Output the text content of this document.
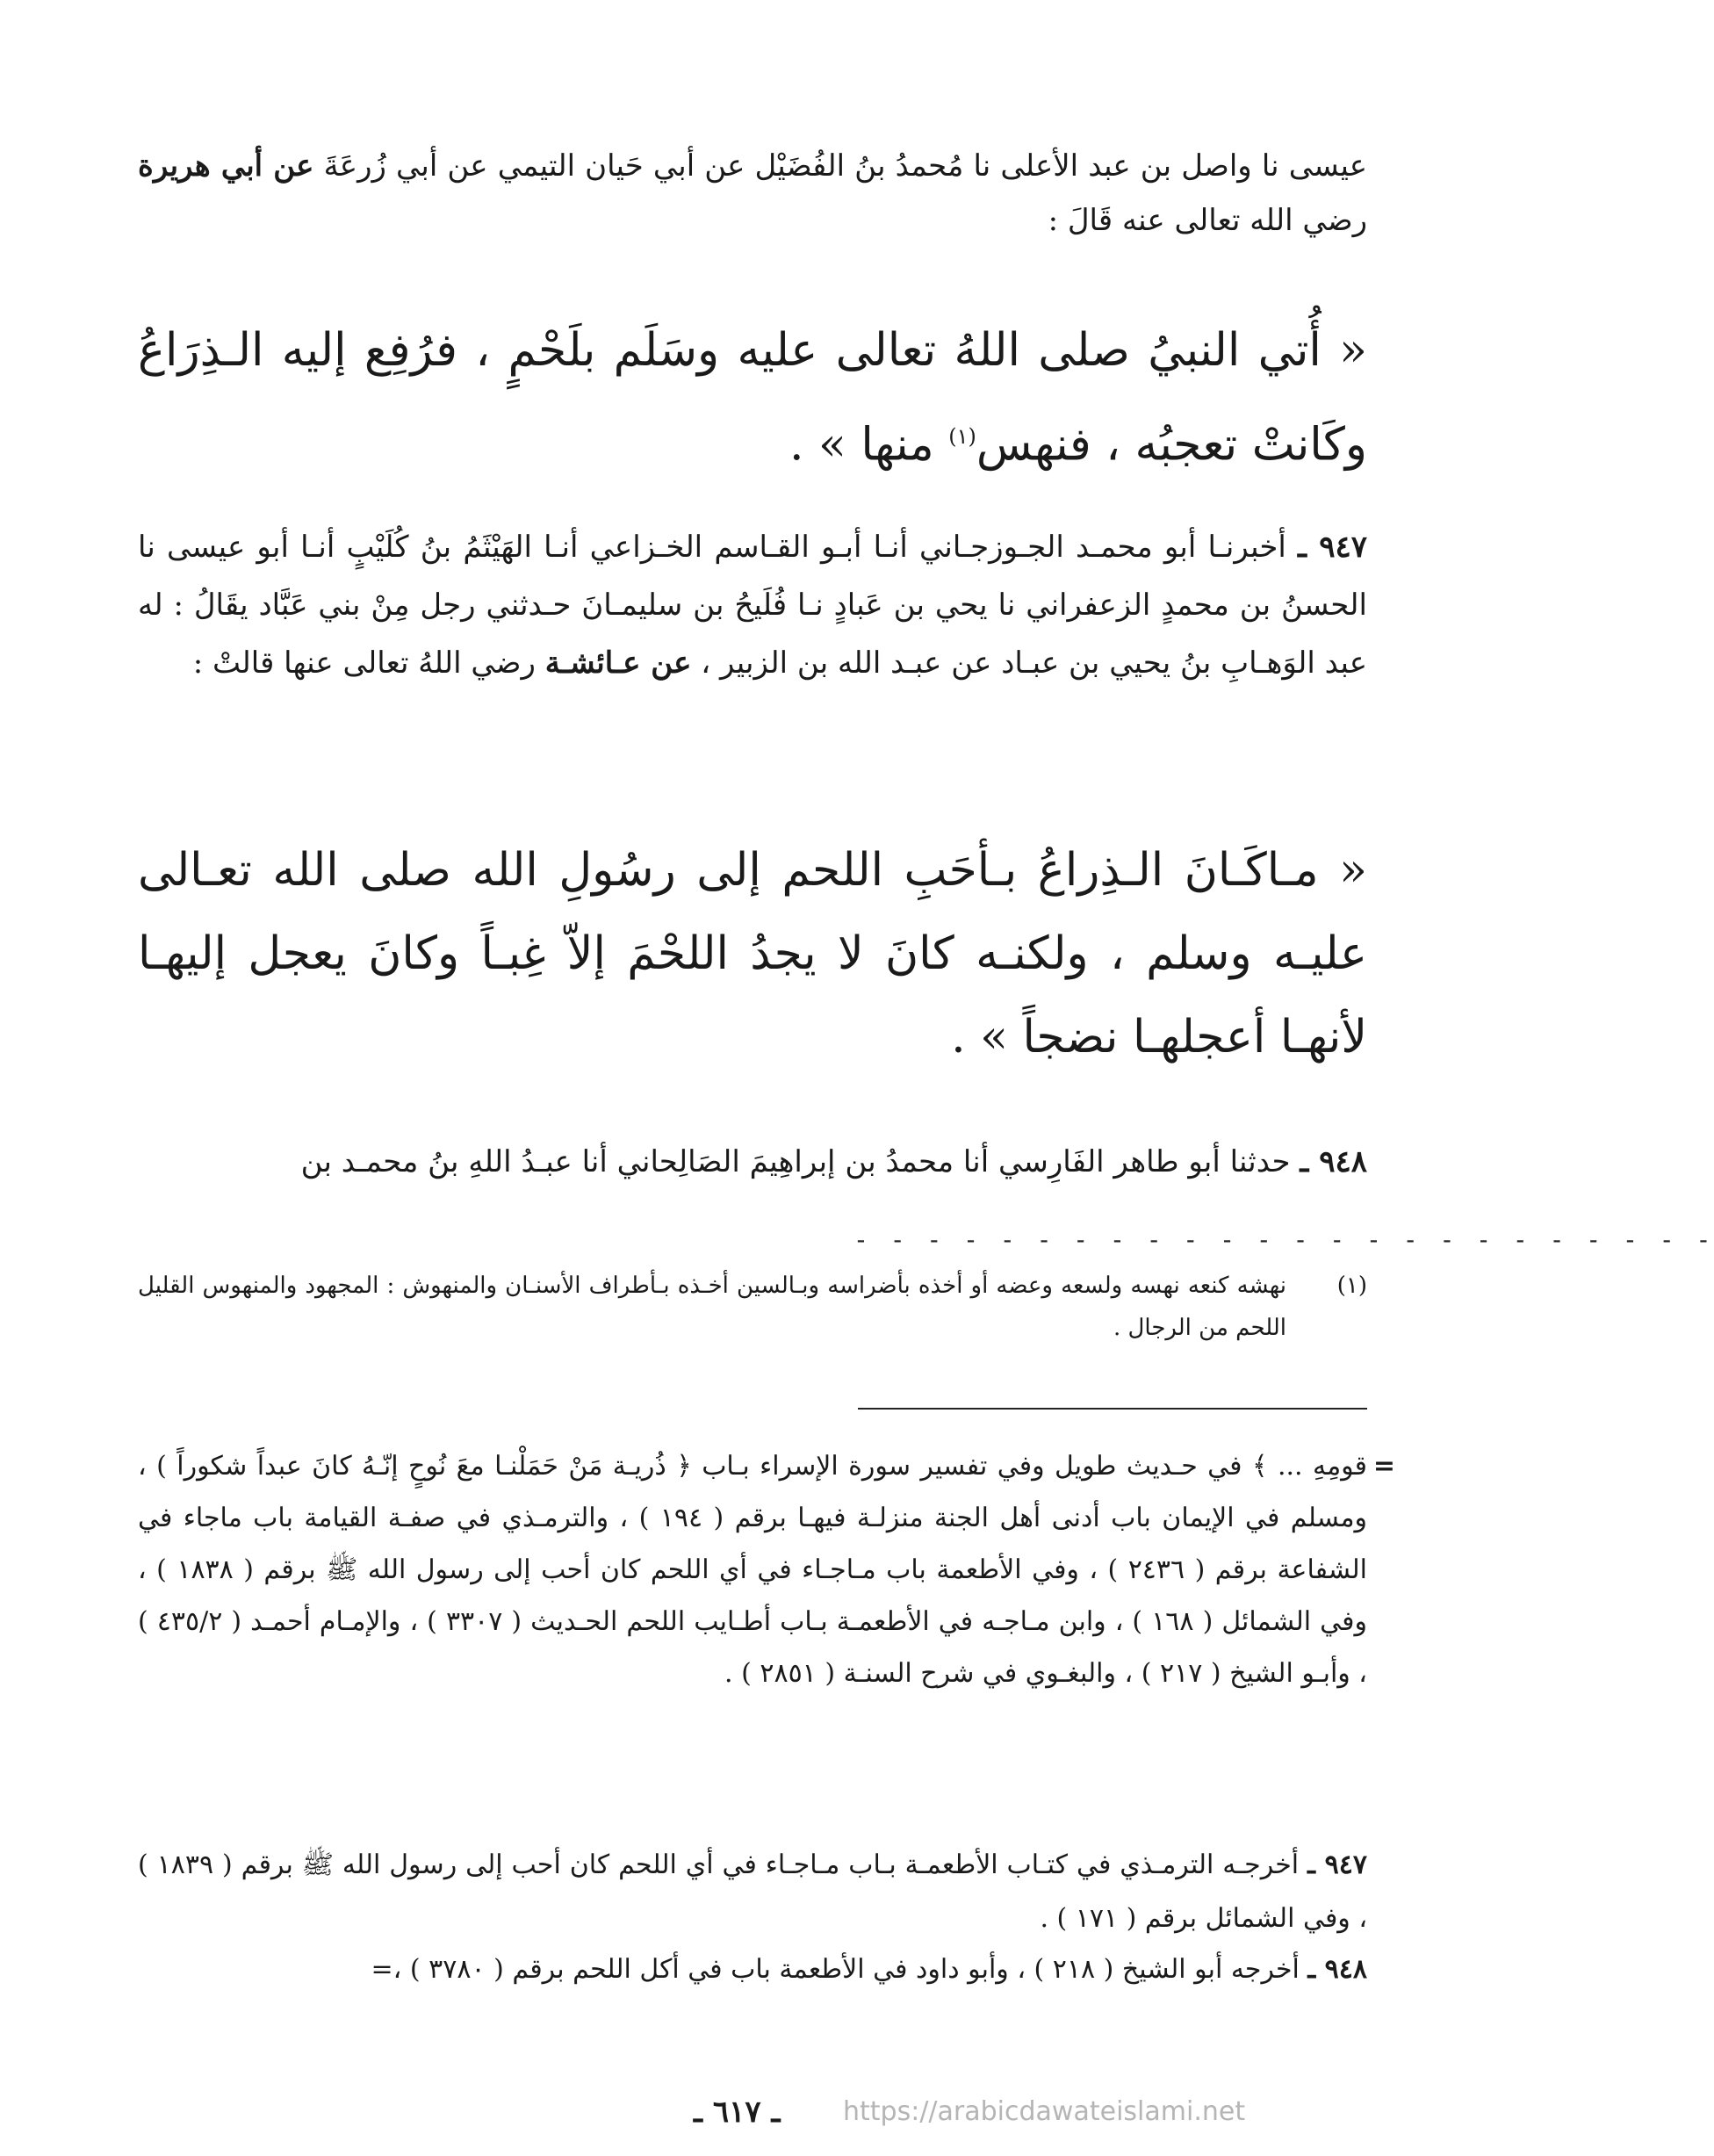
عيسى نا واصل بن عبد الأعلى نا مُحمدُ بنُ الفُضَيْل عن أبي حَيان التيمي عن أبي زُرعَةَ عن أبي هريرة رضي الله تعالى عنه قَالَ :

« أُتي النبيُ صلى اللهُ تعالى عليه وسَلَم بلَحْمٍ ، فرُفِع إليه الـذِرَاعُ وكَانتْ تعجبُه ، فنهس$^{(١)}$ منها » .

٩٤٧ ـ أخبرنـا أبو محمـد الجـوزجـاني أنـا أبـو القـاسم الخـزاعي أنـا الهَيْثَمُ بنُ كُلَيْبٍ أنـا أبو عيسى نا الحسنُ بن محمدٍ الزعفراني نا يحي بن عَبادٍ نـا فُلَيحُ بن سليمـانَ حـدثني رجل مِنْ بني عَبَّاد يقَالُ : له عبد الوَهـابِ بنُ يحيي بن عبـاد عن عبـد الله بن الزبير ، عن عـائشـة رضي اللهُ تعالى عنها قالتْ :

« مـاكَـانَ الـذِراعُ بـأحَبِ اللحم إلى رسُولِ الله صلى الله تعـالى عليـه وسلم ، ولكنـه كانَ لا يجدُ اللحْمَ إلاّ غِبـاً وكانَ يعجل إليهـا لأنهـا أعجلهـا نضجاً » .

٩٤٨ ـ حدثنا أبو طاهر الفَارِسي أنا محمدُ بن إبراهِيمَ الصَالِحاني أنا عبـدُ اللهِ بنُ محمـد بن

- - - - - - - - - - - - - - - - - - - - - - - -
(١)

نهشه كنعه نهسه ولسعه وعضه أو أخذه بأضراسه وبـالسين أخـذه بـأطراف الأسنـان والمنهوش : المجهود والمنهوس القليل اللحم من الرجال .

=

قومِهِ ... ﴾ في حـديث طويل وفي تفسير سورة الإسراء بـاب ﴿ ذُريـة مَنْ حَمَلْنـا معَ نُوحٍ إنّـهُ كانَ عبداً شكوراً ) ، ومسلم في الإيمان باب أدنى أهل الجنة منزلـة فيهـا برقم ( ١٩٤ ) ، والترمـذي في صفـة القيامة باب ماجاء في الشفاعة برقم ( ٢٤٣٦ ) ، وفي الأطعمة باب مـاجـاء في أي اللحم كان أحب إلى رسول الله ﷺ برقم ( ١٨٣٨ ) ، وفي الشمائل ( ١٦٨ ) ، وابن مـاجـه في الأطعمـة بـاب أطـايب اللحم الحـديث ( ٣٣٠٧ ) ، والإمـام أحمـد ( ٤٣٥/٢ ) ، وأبـو الشيخ ( ٢١٧ ) ، والبغـوي في شرح السنـة ( ٢٨٥١ ) .

٩٤٧ ـ أخرجـه الترمـذي في كتـاب الأطعمـة بـاب مـاجـاء في أي اللحم كان أحب إلى رسول الله ﷺ برقم ( ١٨٣٩ ) ، وفي الشمائل برقم ( ١٧١ ) .

٩٤٨ ـ أخرجه أبو الشيخ ( ٢١٨ ) ، وأبو داود في الأطعمة باب في أكل اللحم برقم ( ٣٧٨٠ ) ،=

ـ ٦١٧ ـ https://arabicdawateislami.net
